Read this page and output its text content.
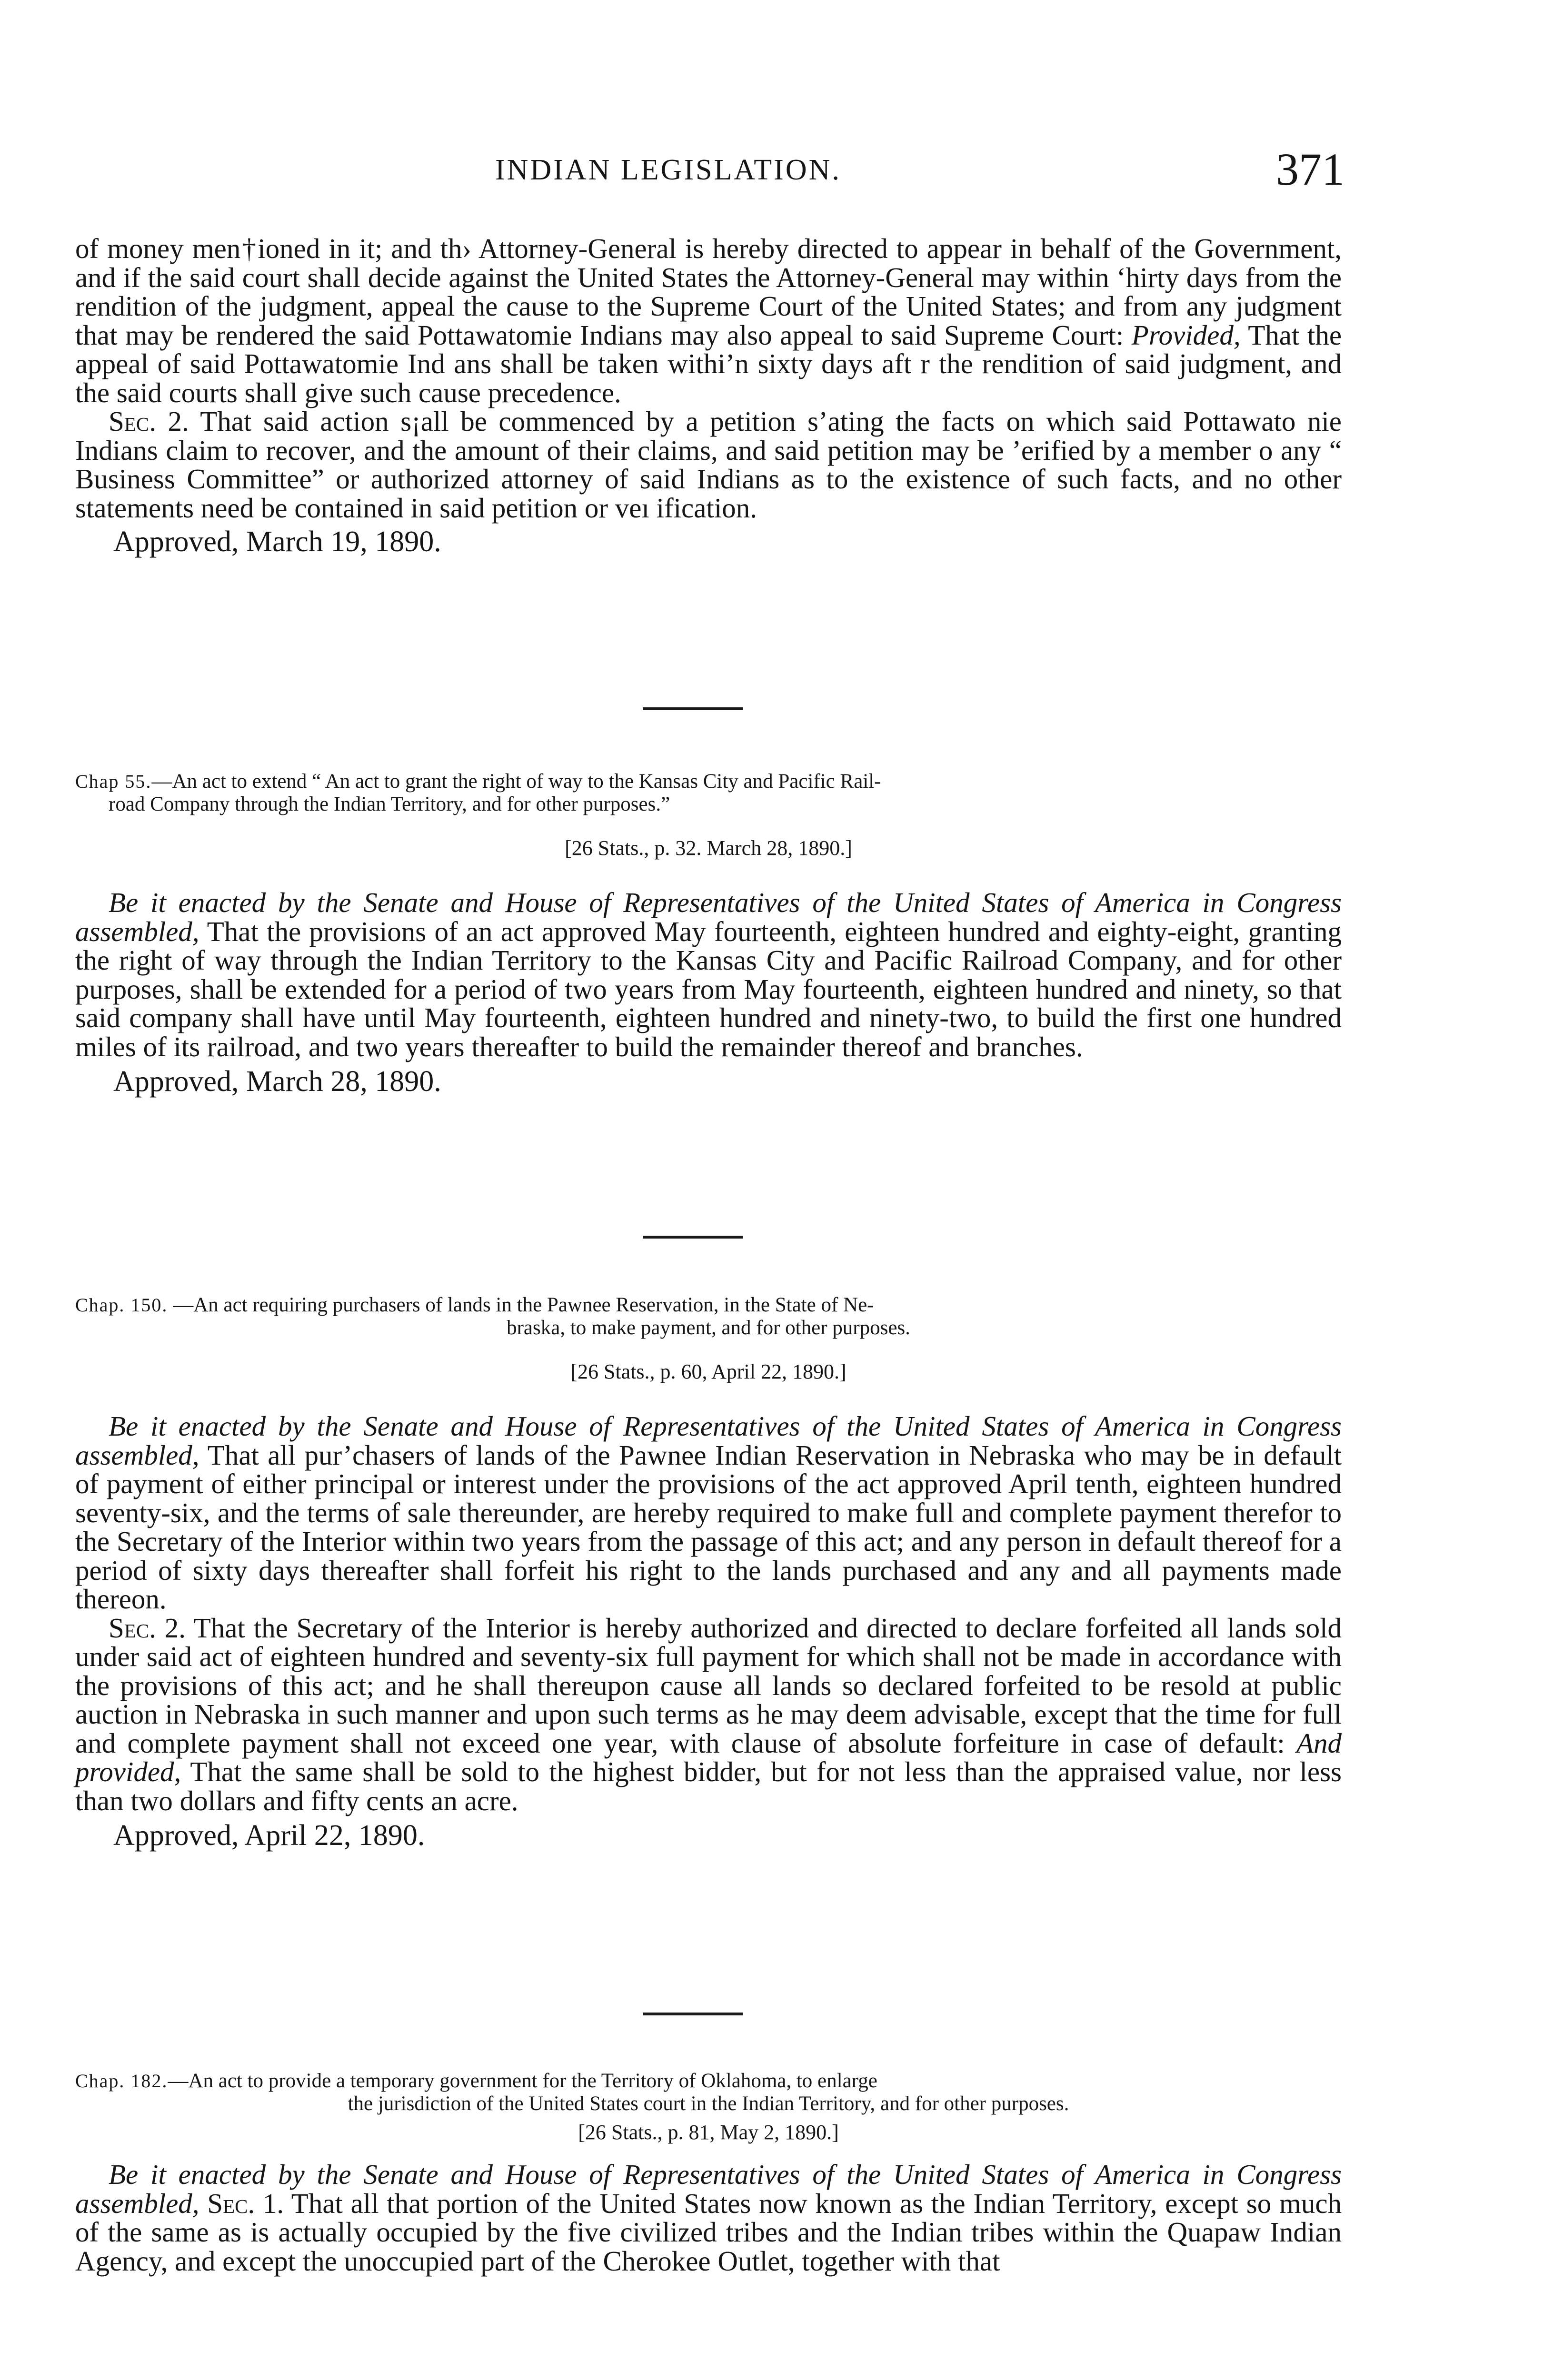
INDIAN LEGISLATION.	371

of money men†ioned in it; and th› Attorney-General is hereby directed to appear in behalf of the Government, and if the said court shall decide against the United States the Attorney-General may within ‘hirty days from the rendition of the judgment, appeal the cause to the Supreme Court of the United States; and from any judgment that may be rendered the said Pottawatomie Indians may also appeal to said Supreme Court: Provided, That the appeal of said Pottawatomie Ind ans shall be taken withi’n sixty days aft r the rendition of said judgment, and the said courts shall give such cause precedence.

Sec. 2. That said action s¡all be commenced by a petition s’ating the facts on which said Pottawato nie Indians claim to recover, and the amount of their claims, and said petition may be ’erified by a member o any “ Business Committee” or authorized attorney of said Indians as to the existence of such facts, and no other statements need be contained in said petition or veı ification.

Approved, March 19, 1890.

Chap 55.—An act to extend “ An act to grant the right of way to the Kansas City and Pacific Rail-
road Company through the Indian Territory, and for other purposes.”

[26 Stats., p. 32. March 28, 1890.]

Be it enacted by the Senate and House of Representatives of the United States of America in Congress assembled, That the provisions of an act approved May fourteenth, eighteen hundred and eighty-eight, granting the right of way through the Indian Territory to the Kansas City and Pacific Railroad Company, and for other purposes, shall be extended for a period of two years from May fourteenth, eighteen hundred and ninety, so that said company shall have until May fourteenth, eighteen hundred and ninety-two, to build the first one hundred miles of its railroad, and two years thereafter to build the remainder thereof and branches.

Approved, March 28, 1890.

Chap. 150. —An act requiring purchasers of lands in the Pawnee Reservation, in the State of Ne-
braska, to make payment, and for other purposes.

[26 Stats., p. 60, April 22, 1890.]

Be it enacted by the Senate and House of Representatives of the United States of America in Congress assembled, That all pur’chasers of lands of the Pawnee Indian Reservation in Nebraska who may be in default of payment of either principal or interest under the provisions of the act approved April tenth, eighteen hundred seventy-six, and the terms of sale thereunder, are hereby required to make full and complete payment therefor to the Secretary of the Interior within two years from the passage of this act; and any person in default thereof for a period of sixty days thereafter shall forfeit his right to the lands purchased and any and all payments made thereon.

Sec. 2. That the Secretary of the Interior is hereby authorized and directed to declare forfeited all lands sold under said act of eighteen hundred and seventy-six full payment for which shall not be made in accordance with the provisions of this act; and he shall thereupon cause all lands so declared forfeited to be resold at public auction in Nebraska in such manner and upon such terms as he may deem advisable, except that the time for full and complete payment shall not exceed one year, with clause of absolute forfeiture in case of default: And provided, That the same shall be sold to the highest bidder, but for not less than the appraised value, nor less than two dollars and fifty cents an acre.

Approved, April 22, 1890.

Chap. 182.—An act to provide a temporary government for the Territory of Oklahoma, to enlarge
the jurisdiction of the United States court in the Indian Territory, and for other purposes.

[26 Stats., p. 81, May 2, 1890.]

Be it enacted by the Senate and House of Representatives of the United States of America in Congress assembled, Sec. 1. That all that portion of the United States now known as the Indian Territory, except so much of the same as is actually occupied by the five civilized tribes and the Indian tribes within the Quapaw Indian Agency, and except the unoccupied part of the Cherokee Outlet, together with that
